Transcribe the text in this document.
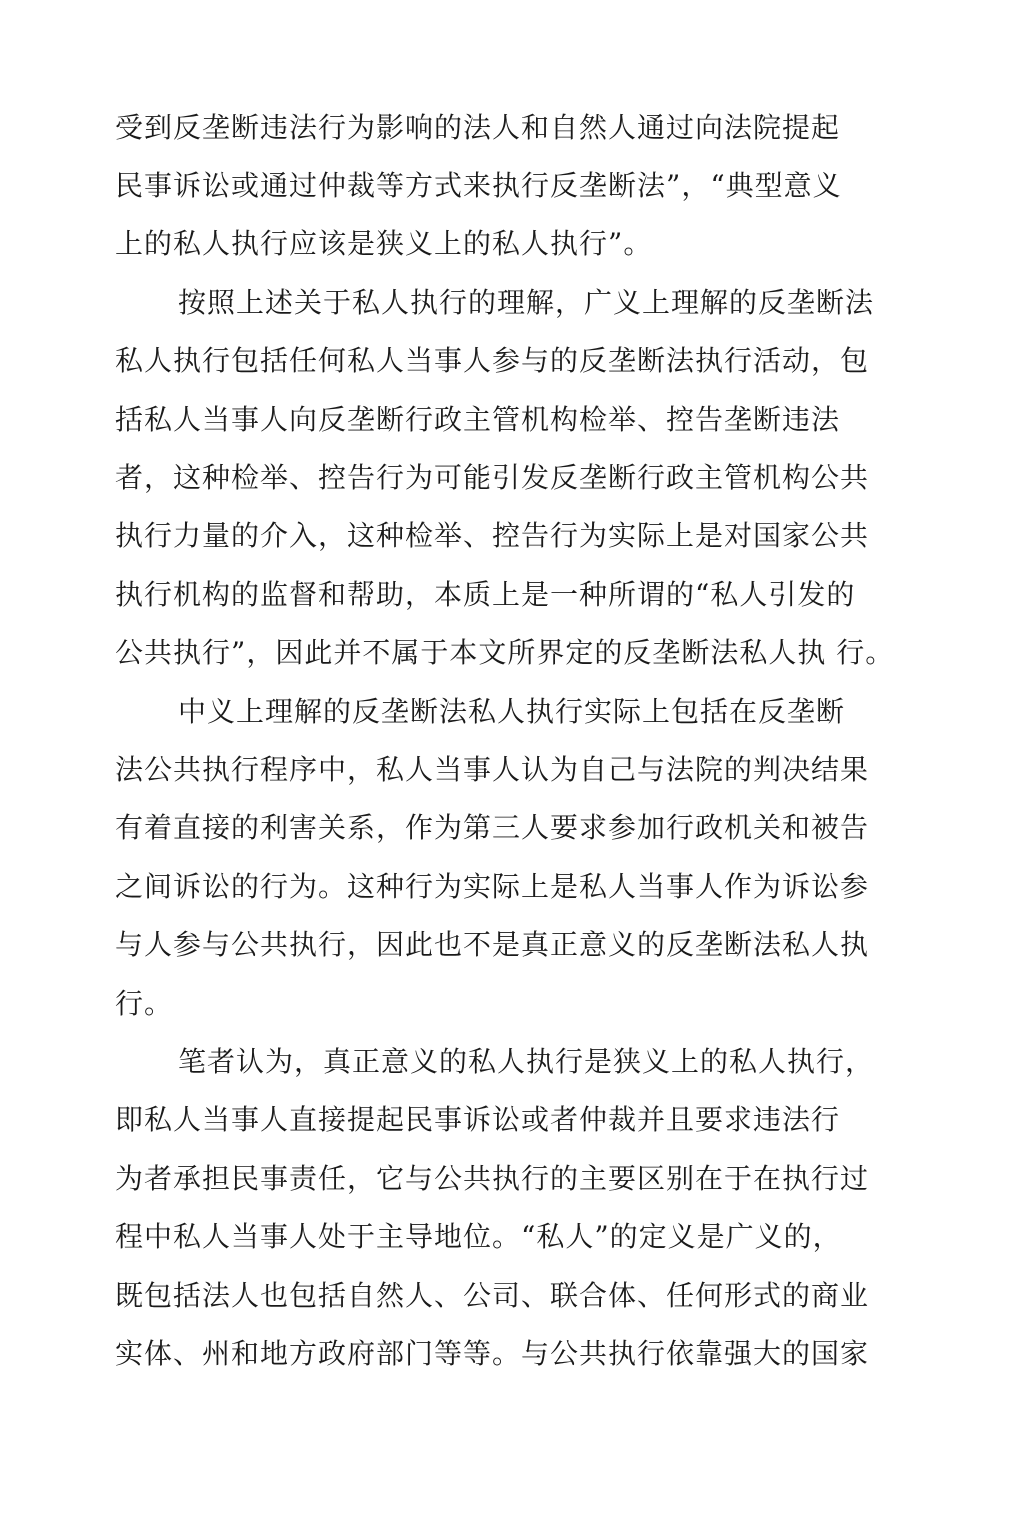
受到反垄断违法行为影响的法人和自然人通过向法院提起
民事诉讼或通过仲裁等方式来执行反垄断法”，“典型意义
上的私人执行应该是狭义上的私人执行”。
按照上述关于私人执行的理解，广义上理解的反垄断法
私人执行包括任何私人当事人参与的反垄断法执行活动，包
括私人当事人向反垄断行政主管机构检举、控告垄断违法
者，这种检举、控告行为可能引发反垄断行政主管机构公共
执行力量的介入，这种检举、控告行为实际上是对国家公共
执行机构的监督和帮助，本质上是一种所谓的“私人引发的
公共执行”，因此并不属于本文所界定的反垄断法私人执 行。
中义上理解的反垄断法私人执行实际上包括在反垄断
法公共执行程序中，私人当事人认为自己与法院的判决结果
有着直接的利害关系，作为第三人要求参加行政机关和被告
之间诉讼的行为。这种行为实际上是私人当事人作为诉讼参
与人参与公共执行，因此也不是真正意义的反垄断法私人执
行。
笔者认为，真正意义的私人执行是狭义上的私人执行，
即私人当事人直接提起民事诉讼或者仲裁并且要求违法行
为者承担民事责任，它与公共执行的主要区别在于在执行过
程中私人当事人处于主导地位。“私人”的定义是广义的，
既包括法人也包括自然人、公司、联合体、任何形式的商业
实体、州和地方政府部门等等。与公共执行依靠强大的国家
